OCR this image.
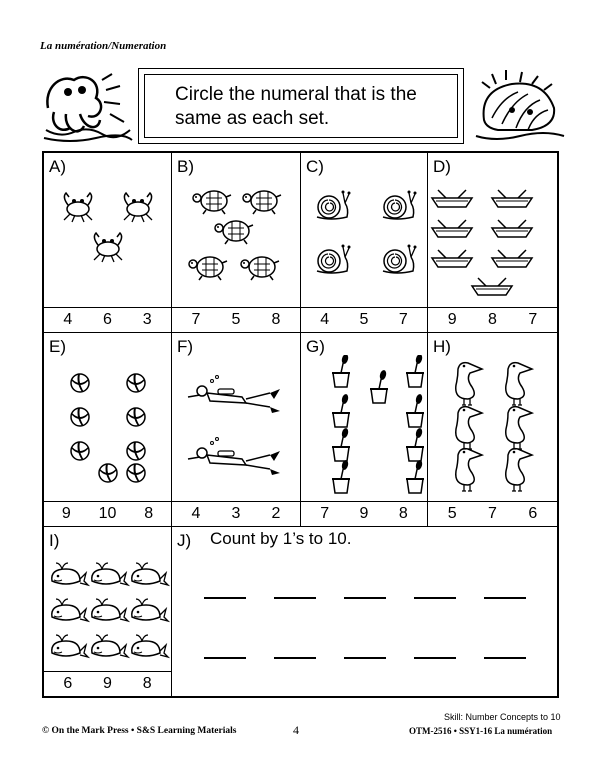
La numération/Numeration
Circle the numeral that is the
same as each set.
A)
4 6 3
B)
7 5 8
C)
4 5 7
D)
9 8 7
E)
9 10 8
F)
4 3 2
G)
7 9 8
H)
5 7 6
I)
6 9 8
J) Count by 1’s to 10.
© On the Mark Press • S&S Learning Materials	4
Skill: Number Concepts to 10
OTM-2516 • SSY1-16 La numération
